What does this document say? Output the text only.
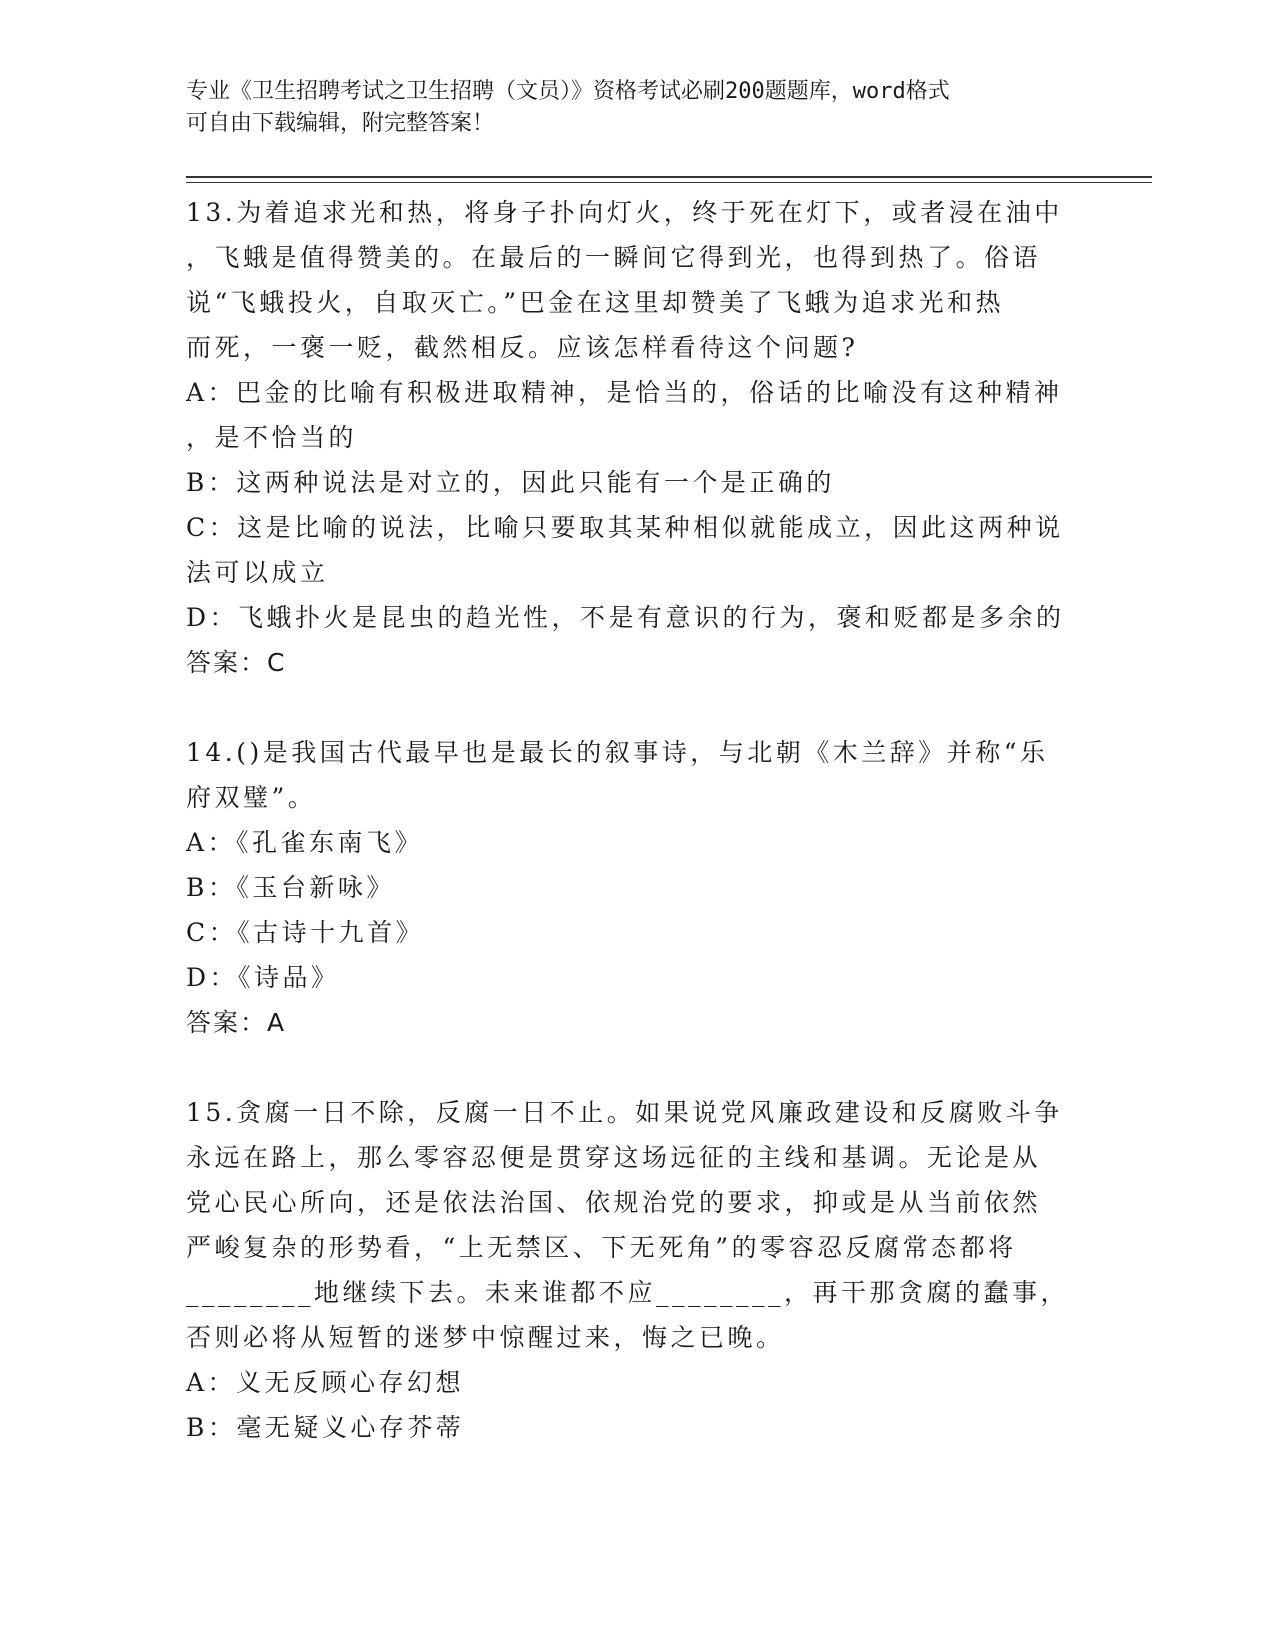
专业《卫生招聘考试之卫生招聘（文员）》资格考试必刷200题题库，word格式
可自由下载编辑，附完整答案！
13.为着追求光和热，将身子扑向灯火，终于死在灯下，或者浸在油中
，飞蛾是值得赞美的。在最后的一瞬间它得到光，也得到热了。俗语
说“飞蛾投火，自取灭亡。”巴金在这里却赞美了飞蛾为追求光和热
而死，一褒一贬，截然相反。应该怎样看待这个问题?
A：巴金的比喻有积极进取精神，是恰当的，俗话的比喻没有这种精神
，是不恰当的
B：这两种说法是对立的，因此只能有一个是正确的
C：这是比喻的说法，比喻只要取其某种相似就能成立，因此这两种说
法可以成立
D：飞蛾扑火是昆虫的趋光性，不是有意识的行为，褒和贬都是多余的
答案：C
14.()是我国古代最早也是最长的叙事诗，与北朝《木兰辞》并称“乐
府双璧”。
A：《孔雀东南飞》
B：《玉台新咏》
C：《古诗十九首》
D：《诗品》
答案：A
15.贪腐一日不除，反腐一日不止。如果说党风廉政建设和反腐败斗争
永远在路上，那么零容忍便是贯穿这场远征的主线和基调。无论是从
党心民心所向，还是依法治国、依规治党的要求，抑或是从当前依然
严峻复杂的形势看，“上无禁区、下无死角”的零容忍反腐常态都将
________地继续下去。未来谁都不应________，再干那贪腐的蠢事，
否则必将从短暂的迷梦中惊醒过来，悔之已晚。
A：义无反顾心存幻想
B：毫无疑义心存芥蒂
